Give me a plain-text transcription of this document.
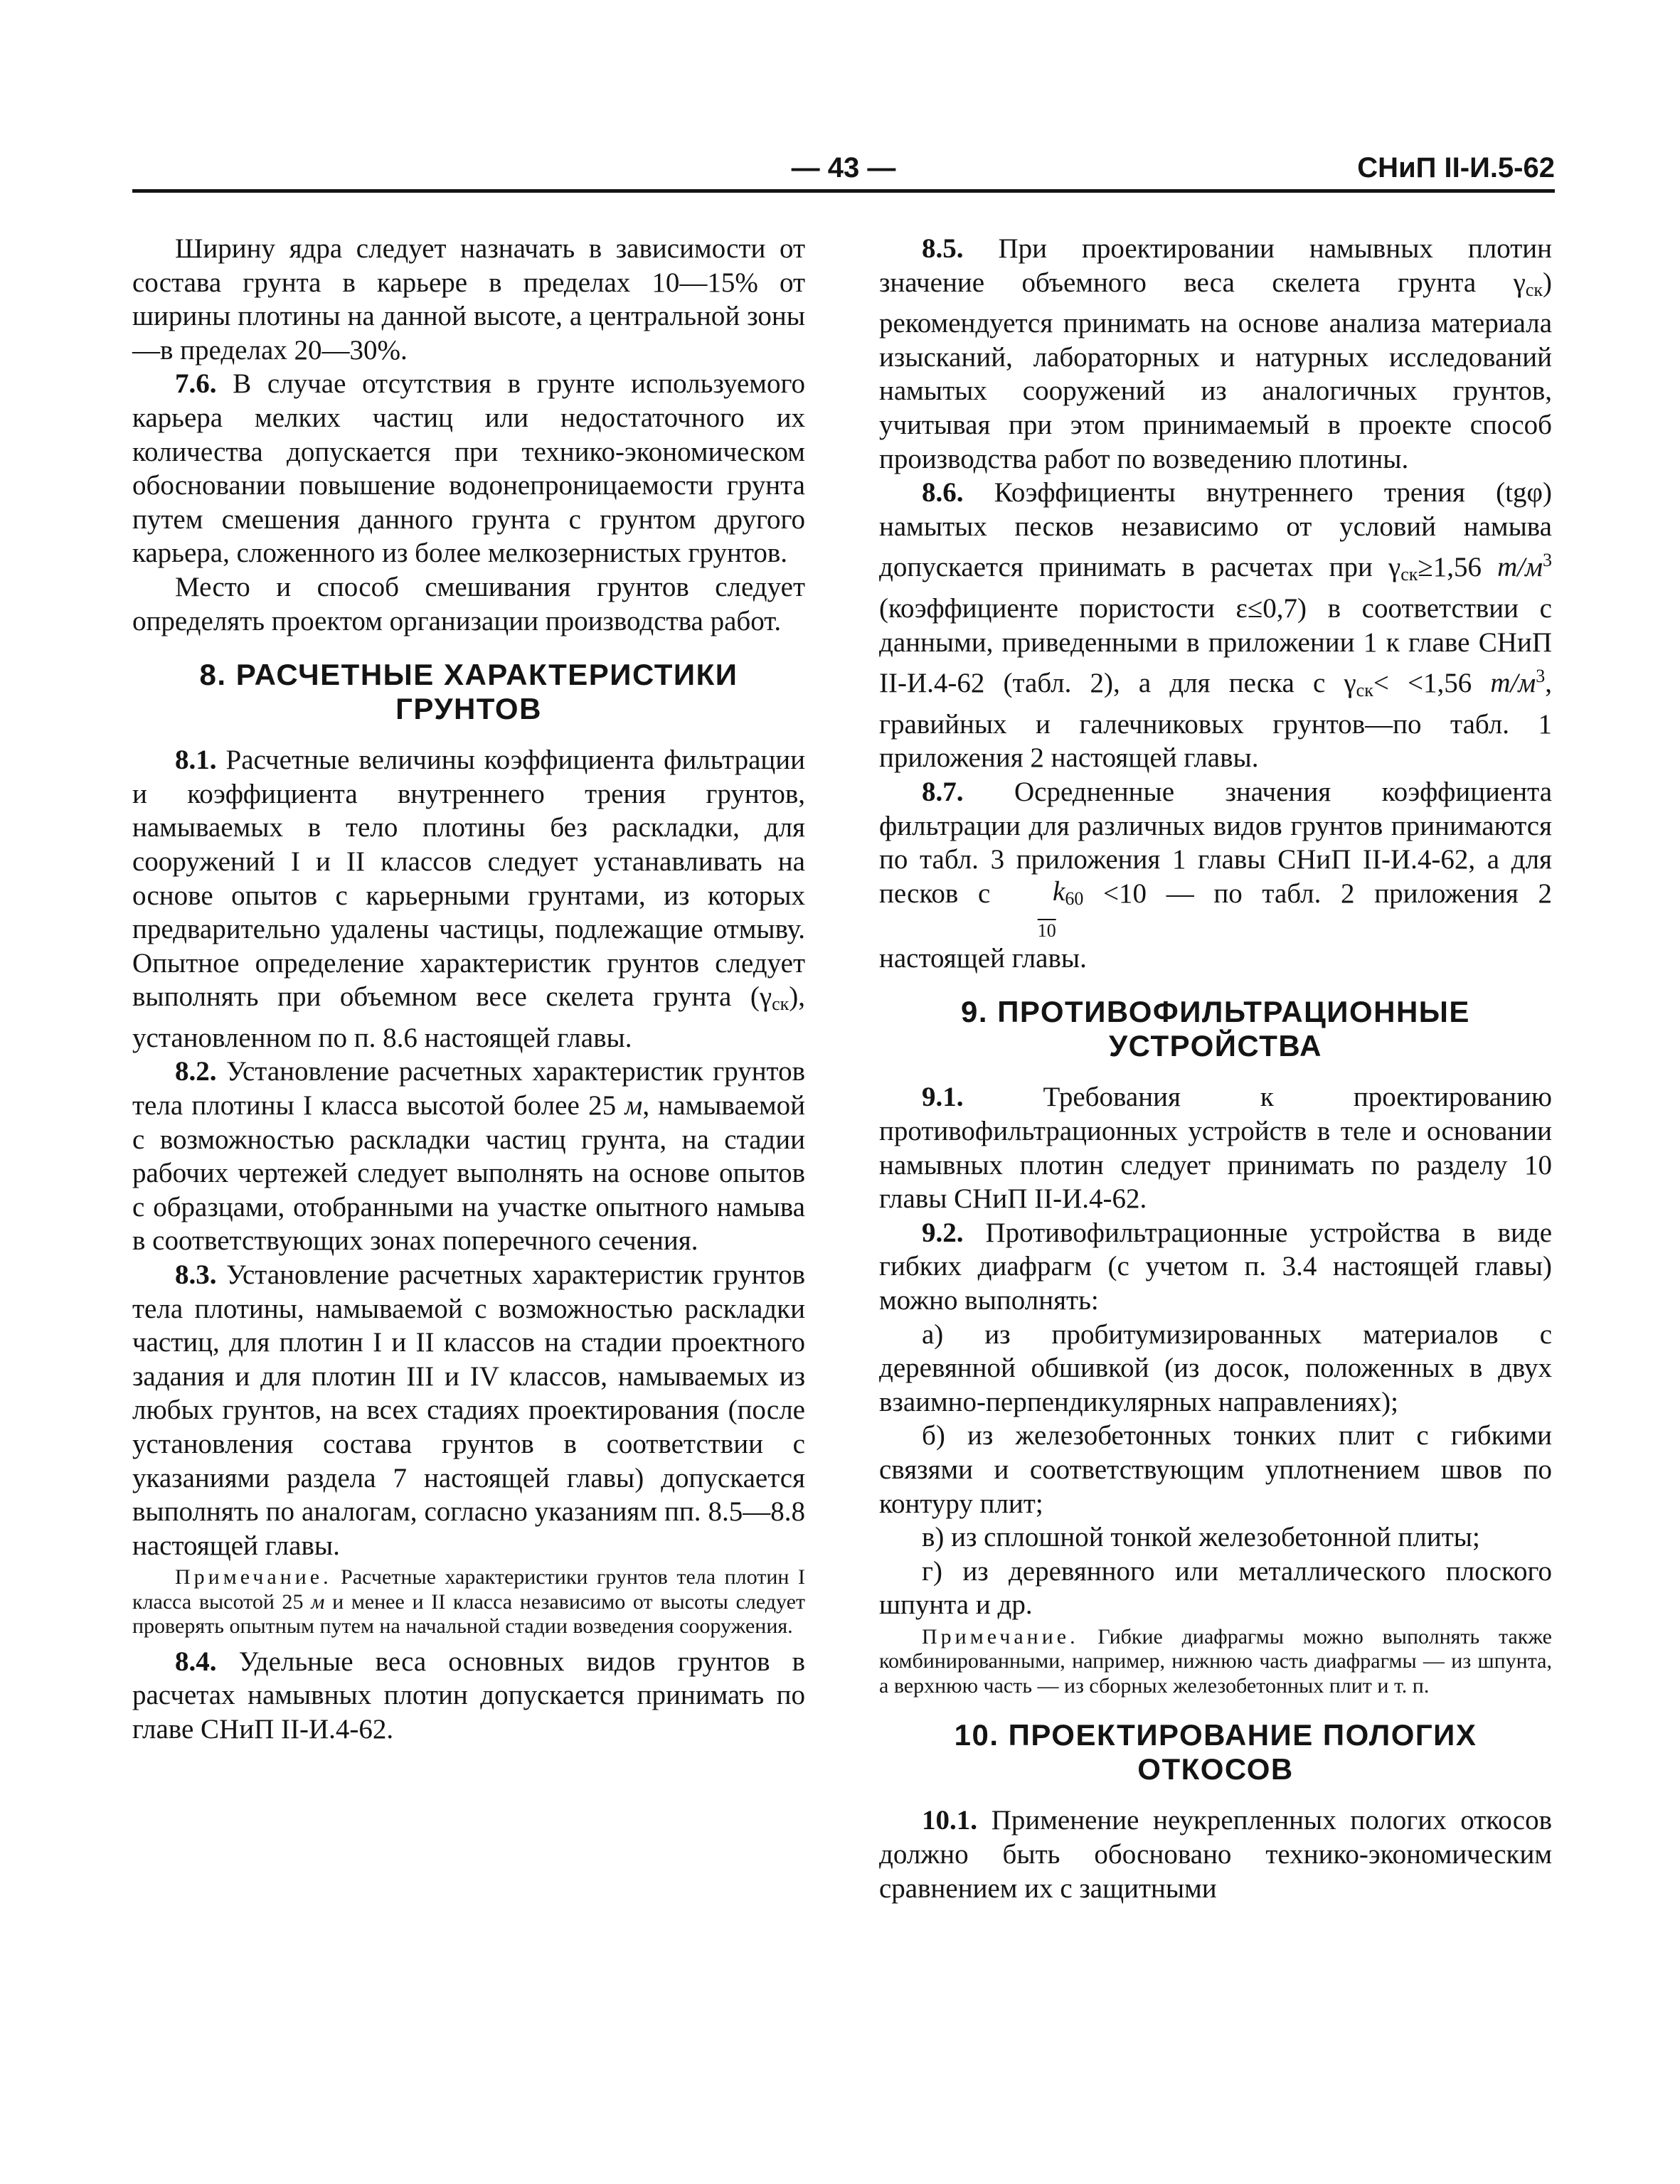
— 43 —	СНиП II-И.5-62

Ширину ядра следует назначать в зависимости от состава грунта в карьере в пределах 10—15% от ширины плотины на данной высоте, а центральной зоны—в пределах 20—30%.

7.6. В случае отсутствия в грунте используемого карьера мелких частиц или недостаточного их количества допускается при технико-экономическом обосновании повышение водонепроницаемости грунта путем смешения данного грунта с грунтом другого карьера, сложенного из более мелкозернистых грунтов.

Место и способ смешивания грунтов следует определять проектом организации производства работ.

8. РАСЧЕТНЫЕ ХАРАКТЕРИСТИКИ
ГРУНТОВ

8.1. Расчетные величины коэффициента фильтрации и коэффициента внутреннего трения грунтов, намываемых в тело плотины без раскладки, для сооружений I и II классов следует устанавливать на основе опытов с карьерными грунтами, из которых предварительно удалены частицы, подлежащие отмыву. Опытное определение характеристик грунтов следует выполнять при объемном весе скелета грунта $(\gamma_{ск})$, установленном по п. 8.6 настоящей главы.

8.2. Установление расчетных характеристик грунтов тела плотины I класса высотой более 25 м, намываемой с возможностью раскладки частиц грунта, на стадии рабочих чертежей следует выполнять на основе опытов с образцами, отобранными на участке опытного намыва в соответствующих зонах поперечного сечения.

8.3. Установление расчетных характеристик грунтов тела плотины, намываемой с возможностью раскладки частиц, для плотин I и II классов на стадии проектного задания и для плотин III и IV классов, намываемых из любых грунтов, на всех стадиях проектирования (после установления состава грунтов в соответствии с указаниями раздела 7 настоящей главы) допускается выполнять по аналогам, согласно указаниям пп. 8.5—8.8 настоящей главы.

Примечание. Расчетные характеристики грунтов тела плотин I класса высотой 25 м и менее и II класса независимо от высоты следует проверять опытным путем на начальной стадии возведения сооружения.

8.4. Удельные веса основных видов грунтов в расчетах намывных плотин допускается принимать по главе СНиП II-И.4-62.

8.5. При проектировании намывных плотин значение объемного веса скелета грунта $\gamma_{ск}$) рекомендуется принимать на основе анализа материала изысканий, лабораторных и натурных исследований намытых сооружений из аналогичных грунтов, учитывая при этом принимаемый в проекте способ производства работ по возведению плотины.

8.6. Коэффициенты внутреннего трения (tgφ) намытых песков независимо от условий намыва допускается принимать в расчетах при $\gamma_{ск}\ge 1,56$ $т/м^3$ (коэффициенте пористости ε≤0,7) в соответствии с данными, приведенными в приложении 1 к главе СНиП II-И.4-62 (табл. 2), а для песка с $\gamma_{ск}< <1,56$ $т/м^3$, гравийных и галечниковых грунтов—по табл. 1 приложения 2 настоящей главы.

8.7. Осредненные значения коэффициента фильтрации для различных видов грунтов принимаются по табл. 3 приложения 1 главы СНиП II-И.4-62, а для песков с $k_{60}$
$_{10}$ <10 — по табл. 2 приложения 2 настоящей главы.

9. ПРОТИВОФИЛЬТРАЦИОННЫЕ
УСТРОЙСТВА

9.1.	Требования к проектированию противофильтрационных устройств в теле и основании намывных плотин следует принимать по разделу 10 главы СНиП II-И.4-62.

9.2. Противофильтрационные устройства в виде гибких диафрагм (с учетом п. 3.4 настоящей главы) можно выполнять:

а) из пробитумизированных материалов с деревянной обшивкой (из досок, положенных в двух взаимно-перпендикулярных направлениях);

б) из железобетонных тонких плит с гибкими связями и соответствующим уплотнением швов по контуру плит;

в) из сплошной тонкой железобетонной плиты;

г) из деревянного или металлического плоского шпунта и др.

Примечание. Гибкие диафрагмы можно выполнять также комбинированными, например, нижнюю часть диафрагмы — из шпунта, а верхнюю часть — из сборных железобетонных плит и т. п.

10. ПРОЕКТИРОВАНИЕ ПОЛОГИХ
ОТКОСОВ

10.1. Применение неукрепленных пологих откосов должно быть обосновано технико-экономическим сравнением их с защитными
